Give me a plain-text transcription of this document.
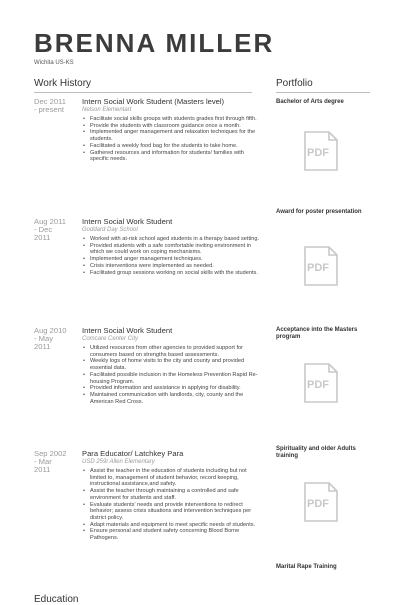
BRENNA MILLER
Wichita US-KS
Work History	Portfolio
Dec 2011
- present
Intern Social Work Student (Masters level)
Nelson Elementart
• Facilitate social skills groups with students grades first through fifth.
• Provide the students with classroom guidance once a month.
• Implemented anger management and relaxation techniques for the students.
• Facilitated a weekly food bag for the students to take home.
• Gathered resources and information for students/ families with specific needs.
Aug 2011
- Dec
2011
Intern Social Work Student
Goddard Day School
• Worked with at-risk school aged students in a therapy based setting.
• Provided students with a safe comfortable inviting environment in which we could work on coping mechanisms.
• Implemented anger management techniques.
• Crisis interventions were implemented as needed.
• Facilitated group sessions working on social skills with the students.
Aug 2010
- May
2011
Intern Social Work Student
Comcare Center City
• Utilized resources from other agencies to provided support for consumers based on strengths based assessments.
• Weekly logs of home visits to the city and county and provided essential data.
• Facilitated possible inclusion in the Homeless Prevention Rapid Re-housing Program.
• Provided information and assistance in applying for disability.
• Maintained communication with landlords, city, county and the American Red Cross.
Sep 2002
- Mar
2011
Para Educator/ Latchkey Para
USD 259/ Allen Elementary
• Assist the teacher in the education of students including but not limited to, management of student behavior, record keeping, instructional assistance,and safety.
• Assist the teacher through maintaining a controlled and safe environment for students and staff.
• Evaluate students' needs and provide interventions to redirect behavior; assess crisis situations and intervention techniques per district policy.
• Adapt materials and equipment to meet specific needs of students.
• Ensure personal and student safety concerning Blood Borne Pathogens.
Bachelor of Arts degree
PDF
Award for poster presentation
PDF
Acceptance into the Masters program
PDF
Spirituality and older Adults training
PDF
Marital Rape Training
Education
